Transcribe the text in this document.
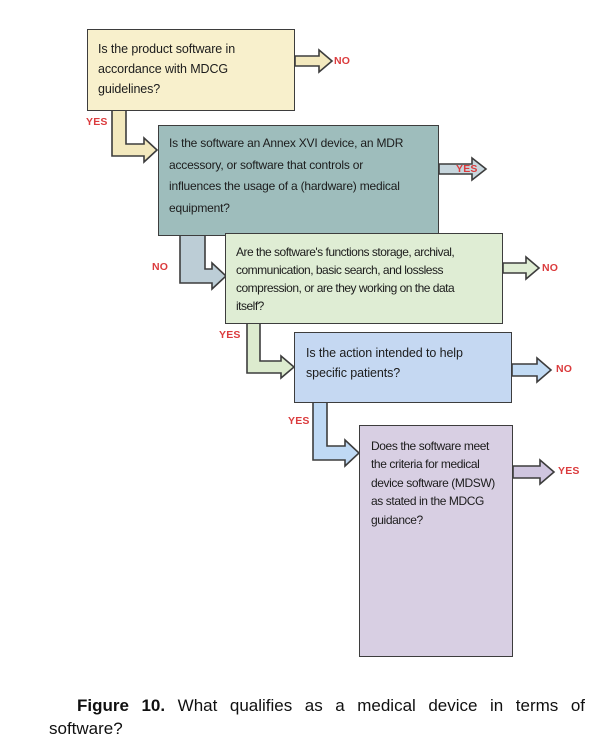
Is the product software in
accordance with MDCG
guidelines?
Is the software an Annex XVI device, an MDR
accessory, or software that controls or
influences the usage of a (hardware) medical
equipment?
Are the software's functions storage, archival,
communication, basic search, and lossless
compression, or are they working on the data
itself?
Is the action intended to help
specific patients?
Does the software meet
the criteria for medical
device software (MDSW)
as stated in the MDCG
guidance?
NO
YES
YES
NO	NO
YES
NO
YES
YES
Figure 10. What qualifies as a medical device in terms of
software?
